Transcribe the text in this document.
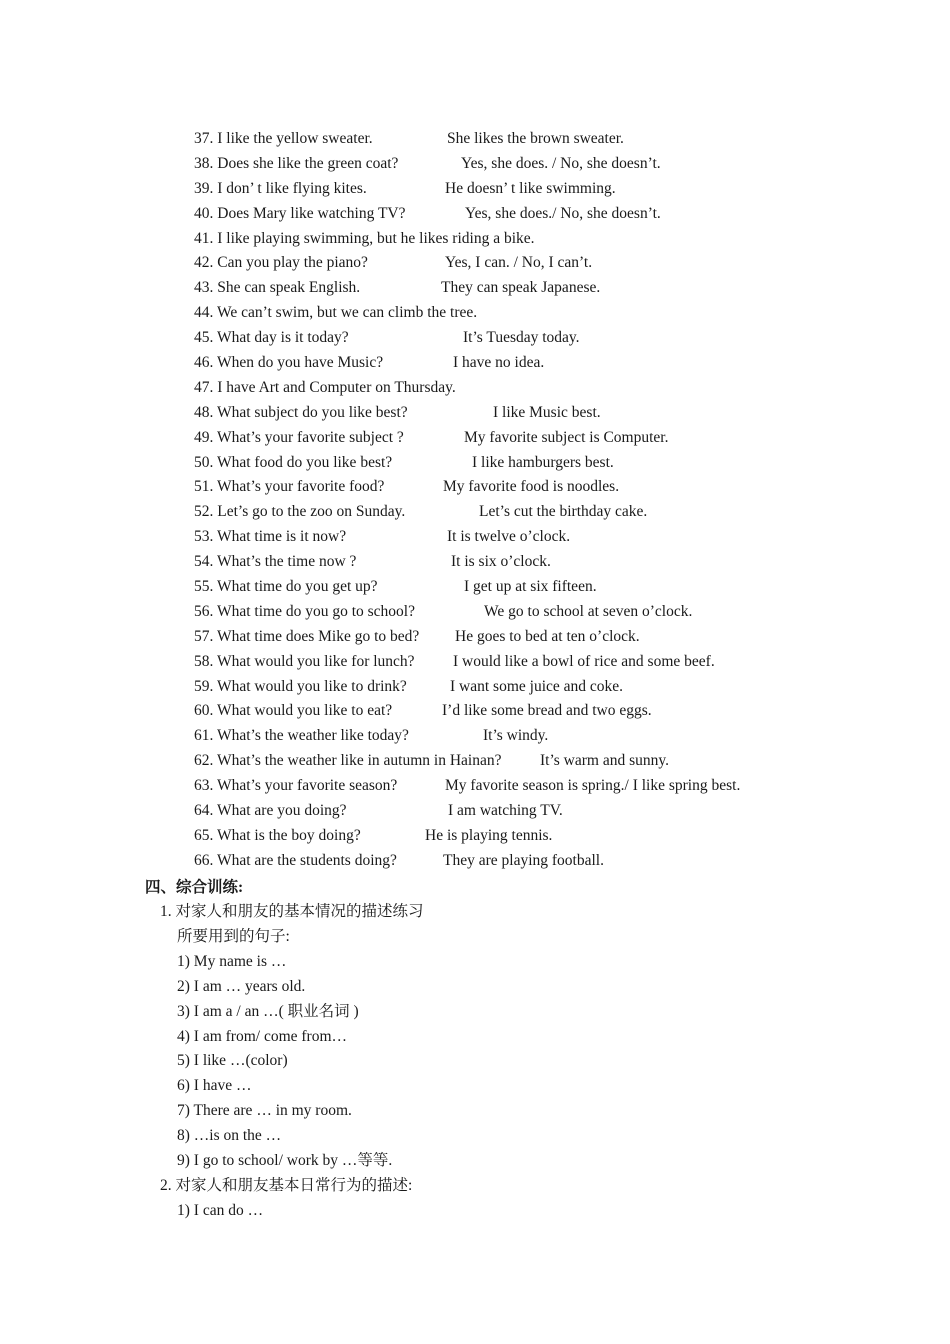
37. I like the yellow sweater.	She likes the brown sweater.
38. Does she like the green coat?	Yes, she does. / No, she doesn’t.
39. I don’ t like flying kites.	He doesn’ t like swimming.
40. Does Mary like watching TV?	Yes, she does./ No, she doesn’t.
41. I like playing swimming, but he likes riding a bike.
42. Can you play the piano?	Yes, I can. / No, I can’t.
43. She can speak English.	They can speak Japanese.
44. We can’t swim, but we can climb the tree.
45. What day is it today?	It’s Tuesday today.
46. When do you have Music?	I have no idea.
47. I have Art and Computer on Thursday.
48. What subject do you like best?	I like Music best.
49. What’s your favorite subject ?	My favorite subject is Computer.
50. What food do you like best?	I like hamburgers best.
51. What’s your favorite food?	My favorite food is noodles.
52. Let’s go to the zoo on Sunday.	Let’s cut the birthday cake.
53. What time is it now?	It is twelve o’clock.
54. What’s the time now ?	It is six o’clock.
55. What time do you get up?	I get up at six fifteen.
56. What time do you go to school?	We go to school at seven o’clock.
57. What time does Mike go to bed? He goes to bed at ten o’clock.
58. What would you like for lunch? I would like a bowl of rice and some beef.
59. What would you like to drink?	I want some juice and coke.
60. What would you like to eat?	I’d like some bread and two eggs.
61. What’s the weather like today?	It’s windy.
62. What’s the weather like in autumn in Hainan? It’s warm and sunny.
63. What’s your favorite season?	My favorite season is spring./ I like spring best.
64. What are you doing?	I am watching TV.
65. What is the boy doing?	He is playing tennis.
66. What are the students doing?	They are playing football.
四、综合训练:
1. 对家人和朋友的基本情况的描述练习
所要用到的句子:
1) My name is …
2) I am … years old.
3) I am a / an …( 职业名词 )
4) I am from/ come from…
5) I like …(color)
6) I have …
7) There are … in my room.
8) …is on the …
9) I go to school/ work by …等等.
2. 对家人和朋友基本日常行为的描述:
1) I can do …
